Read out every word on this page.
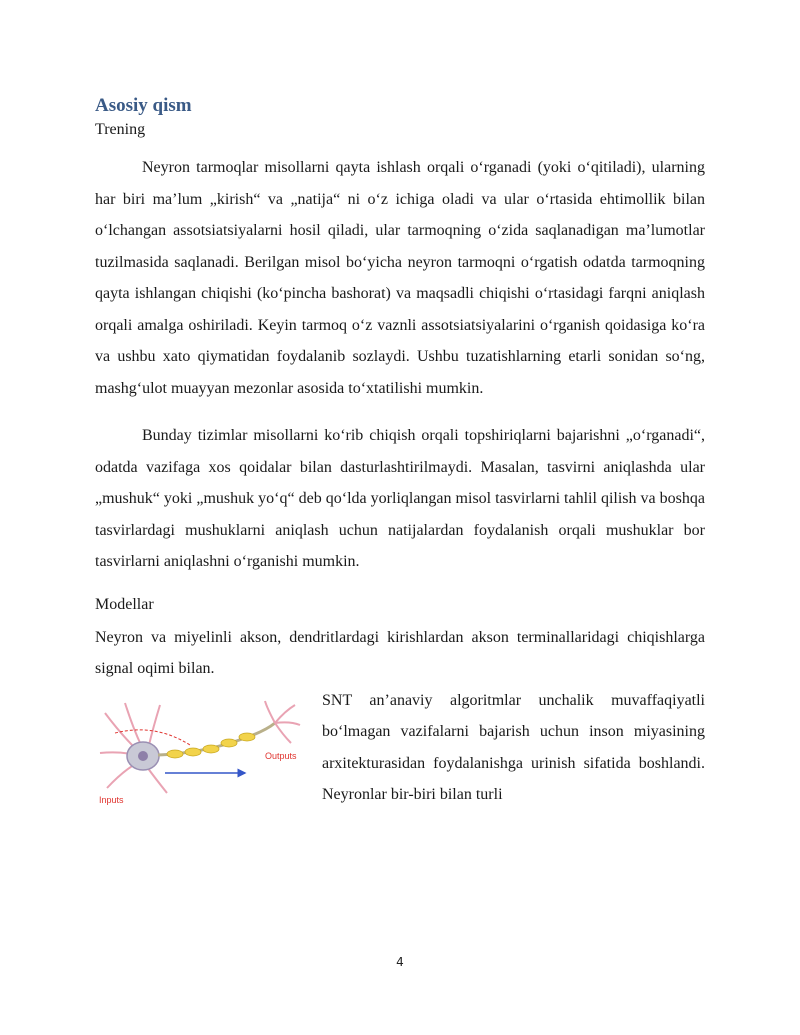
Asosiy qism

Trening

Neyron tarmoqlar misollarni qayta ishlash orqali o‘rganadi (yoki o‘qitiladi), ularning har biri ma’lum „kirish“ va „natija“ ni o‘z ichiga oladi va ular o‘rtasida ehtimollik bilan o‘lchangan assotsiatsiyalarni hosil qiladi, ular tarmoqning o‘zida saqlanadigan ma’lumotlar tuzilmasida saqlanadi. Berilgan misol bo‘yicha neyron tarmoqni o‘rgatish odatda tarmoqning qayta ishlangan chiqishi (ko‘pincha bashorat) va maqsadli chiqishi o‘rtasidagi farqni aniqlash orqali amalga oshiriladi. Keyin tarmoq o‘z vaznli assotsiatsiyalarini o‘rganish qoidasiga ko‘ra va ushbu xato qiymatidan foydalanib sozlaydi. Ushbu tuzatishlarning etarli sonidan so‘ng, mashg‘ulot muayyan mezonlar asosida to‘xtatilishi mumkin.

Bunday tizimlar misollarni ko‘rib chiqish orqali topshiriqlarni bajarishni „o‘rganadi“, odatda vazifaga xos qoidalar bilan dasturlashtirilmaydi. Masalan, tasvirni aniqlashda ular „mushuk“ yoki „mushuk yo‘q“ deb qo‘lda yorliqlangan misol tasvirlarni tahlil qilish va boshqa tasvirlardagi mushuklarni aniqlash uchun natijalardan foydalanish orqali mushuklar bor tasvirlarni aniqlashni o‘rganishi mumkin.

Modellar

Neyron va miyelinli akson, dendritlardagi kirishlardan akson terminallaridagi chiqishlarga signal oqimi bilan.

Inputs
Outputs

SNT an’anaviy algoritmlar unchalik muvaffaqiyatli bo‘lmagan vazifalarni bajarish uchun inson miyasining arxitekturasidan foydalanishga urinish sifatida boshlandi. Neyronlar bir-biri bilan turli

4
